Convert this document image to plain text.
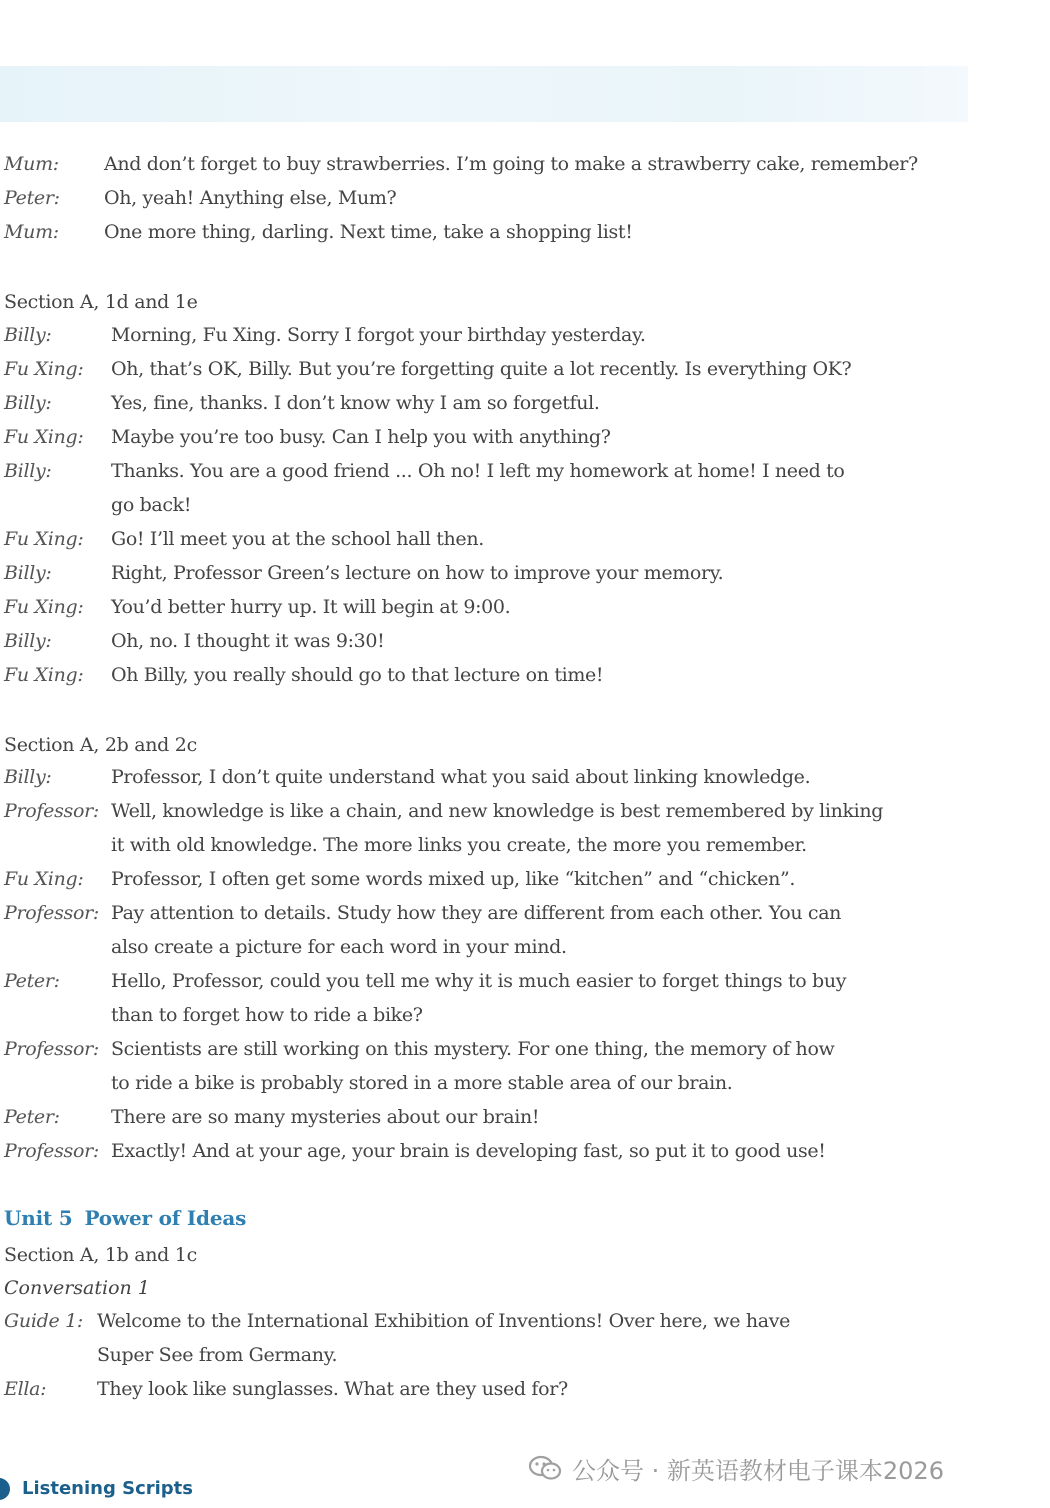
Mum: And don’t forget to buy strawberries. I’m going to make a strawberry cake, remember?
Peter: Oh, yeah! Anything else, Mum?
Mum: One more thing, darling. Next time, take a shopping list!
Section A, 1d and 1e
Billy:	Morning, Fu Xing. Sorry I forgot your birthday yesterday.
Fu Xing: Oh, that’s OK, Billy. But you’re forgetting quite a lot recently. Is everything OK?
Billy:	Yes, fine, thanks. I don’t know why I am so forgetful.
Fu Xing: Maybe you’re too busy. Can I help you with anything?
Billy:	Thanks. You are a good friend ... Oh no! I left my homework at home! I need to
go back!
Fu Xing: Go! I’ll meet you at the school hall then.
Billy:	Right, Professor Green’s lecture on how to improve your memory.
Fu Xing: You’d better hurry up. It will begin at 9:00.
Billy:	Oh, no. I thought it was 9:30!
Fu Xing: Oh Billy, you really should go to that lecture on time!
Section A, 2b and 2c
Billy:	Professor, I don’t quite understand what you said about linking knowledge.
Professor: Well, knowledge is like a chain, and new knowledge is best remembered by linking
it with old knowledge. The more links you create, the more you remember.
Fu Xing: Professor, I often get some words mixed up, like “kitchen” and “chicken”.
Professor: Pay attention to details. Study how they are different from each other. You can
also create a picture for each word in your mind.
Peter:	Hello, Professor, could you tell me why it is much easier to forget things to buy
than to forget how to ride a bike?
Professor: Scientists are still working on this mystery. For one thing, the memory of how
to ride a bike is probably stored in a more stable area of our brain.
Peter:	There are so many mysteries about our brain!
Professor: Exactly! And at your age, your brain is developing fast, so put it to good use!
Unit 5 Power of Ideas
Section A, 1b and 1c
Conversation 1
Guide 1: Welcome to the International Exhibition of Inventions! Over here, we have
Super See from Germany.
Ella:	They look like sunglasses. What are they used for?
Listening Scripts
公众号 · 新英语教材电子课本2026
